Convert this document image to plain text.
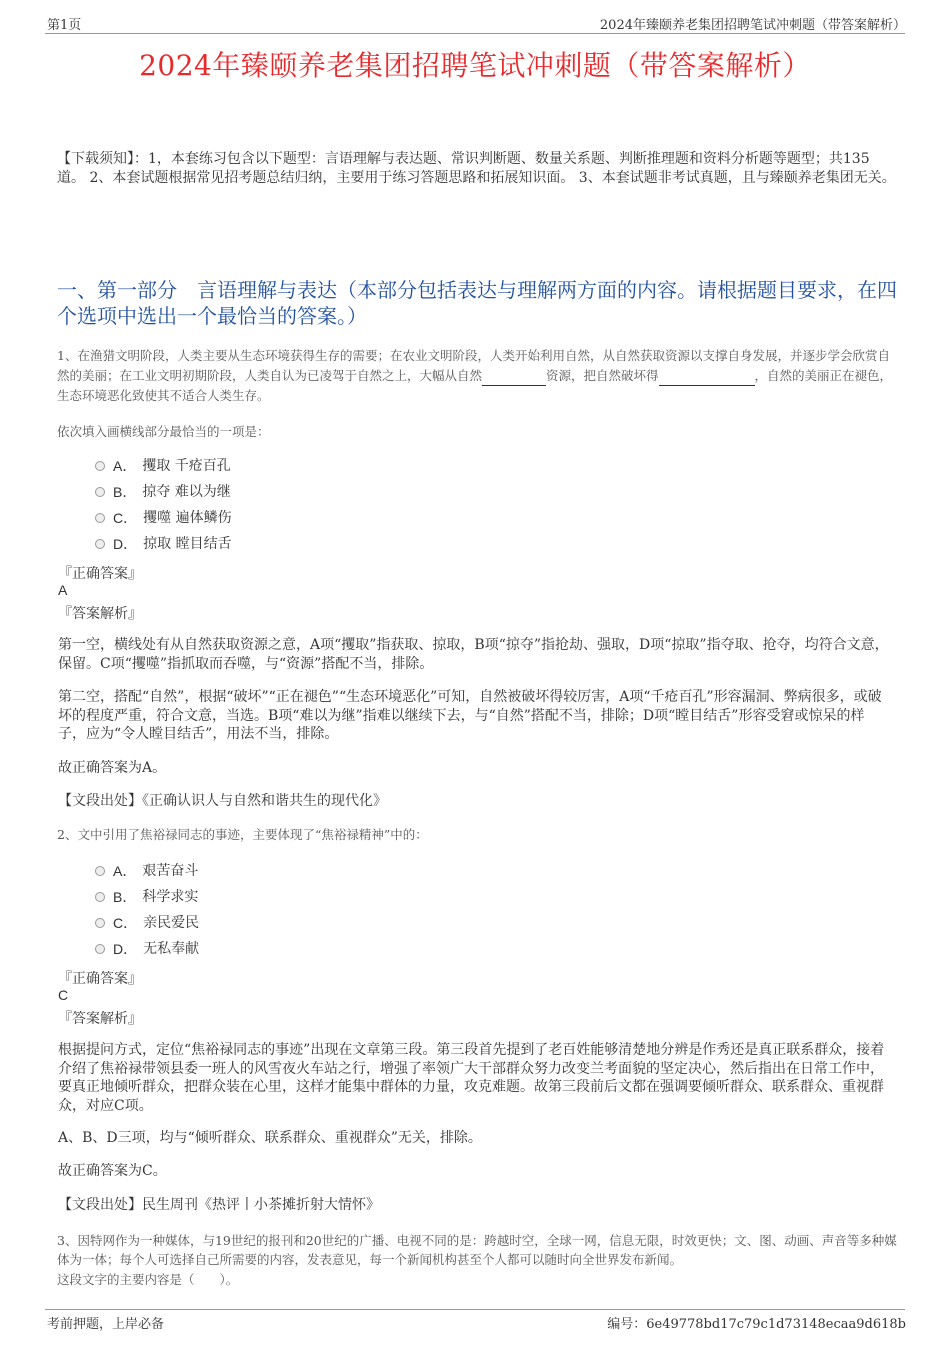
第1页	2024年臻颐养老集团招聘笔试冲刺题（带答案解析）
2024年臻颐养老集团招聘笔试冲刺题（带答案解析）
【下载须知】：1，本套练习包含以下题型：言语理解与表达题、常识判断题、数量关系题、判断推理题和资料分析题等题型；共135道。 2、本套试题根据常见招考题总结归纳，主要用于练习答题思路和拓展知识面。 3、本套试题非考试真题，且与臻颐养老集团无关。
一、第一部分　言语理解与表达（本部分包括表达与理解两方面的内容。请根据题目要求，在四个选项中选出一个最恰当的答案。）
1、在渔猎文明阶段，人类主要从生态环境获得生存的需要；在农业文明阶段，人类开始利用自然，从自然获取资源以支撑自身发展，并逐步学会欣赏自然的美丽；在工业文明初期阶段，人类自认为已凌驾于自然之上，大幅从自然	资源，把自然破坏得	，自然的美丽正在褪色，生态环境恶化致使其不适合人类生存。
依次填入画横线部分最恰当的一项是：
A． 攫取 千疮百孔
B． 掠夺 难以为继
C． 攫噬 遍体鳞伤
D． 掠取 瞠目结舌
『正确答案』
A
『答案解析』
第一空，横线处有从自然获取资源之意，A项“攫取”指获取、掠取，B项“掠夺”指抢劫、强取，D项“掠取”指夺取、抢夺，均符合文意，保留。C项“攫噬”指抓取而吞噬，与“资源”搭配不当，排除。
第二空，搭配“自然”，根据“破坏”“正在褪色”“生态环境恶化”可知，自然被破坏得较厉害，A项“千疮百孔”形容漏洞、弊病很多，或破坏的程度严重，符合文意，当选。B项“难以为继”指难以继续下去，与“自然”搭配不当，排除；D项“瞠目结舌”形容受窘或惊呆的样子，应为“令人瞠目结舌”，用法不当，排除。
故正确答案为A。
【文段出处】《正确认识人与自然和谐共生的现代化》
2、文中引用了焦裕禄同志的事迹，主要体现了“焦裕禄精神”中的：
A． 艰苦奋斗
B． 科学求实
C． 亲民爱民
D． 无私奉献
『正确答案』
C
『答案解析』
根据提问方式，定位“焦裕禄同志的事迹”出现在文章第三段。第三段首先提到了老百姓能够清楚地分辨是作秀还是真正联系群众，接着介绍了焦裕禄带领县委一班人的风雪夜火车站之行，增强了率领广大干部群众努力改变兰考面貌的坚定决心，然后指出在日常工作中，要真正地倾听群众，把群众装在心里，这样才能集中群体的力量，攻克难题。故第三段前后文都在强调要倾听群众、联系群众、重视群众，对应C项。
A、B、D三项，均与“倾听群众、联系群众、重视群众”无关，排除。
故正确答案为C。
【文段出处】民生周刊《热评丨小茶摊折射大情怀》
3、因特网作为一种媒体，与19世纪的报刊和20世纪的广播、电视不同的是：跨越时空，全球一网，信息无限，时效更快；文、图、动画、声音等多种媒体为一体；每个人可选择自己所需要的内容，发表意见，每一个新闻机构甚至个人都可以随时向全世界发布新闻。
这段文字的主要内容是（　　）。
考前押题，上岸必备	编号：6e49778bd17c79c1d73148ecaa9d618b
